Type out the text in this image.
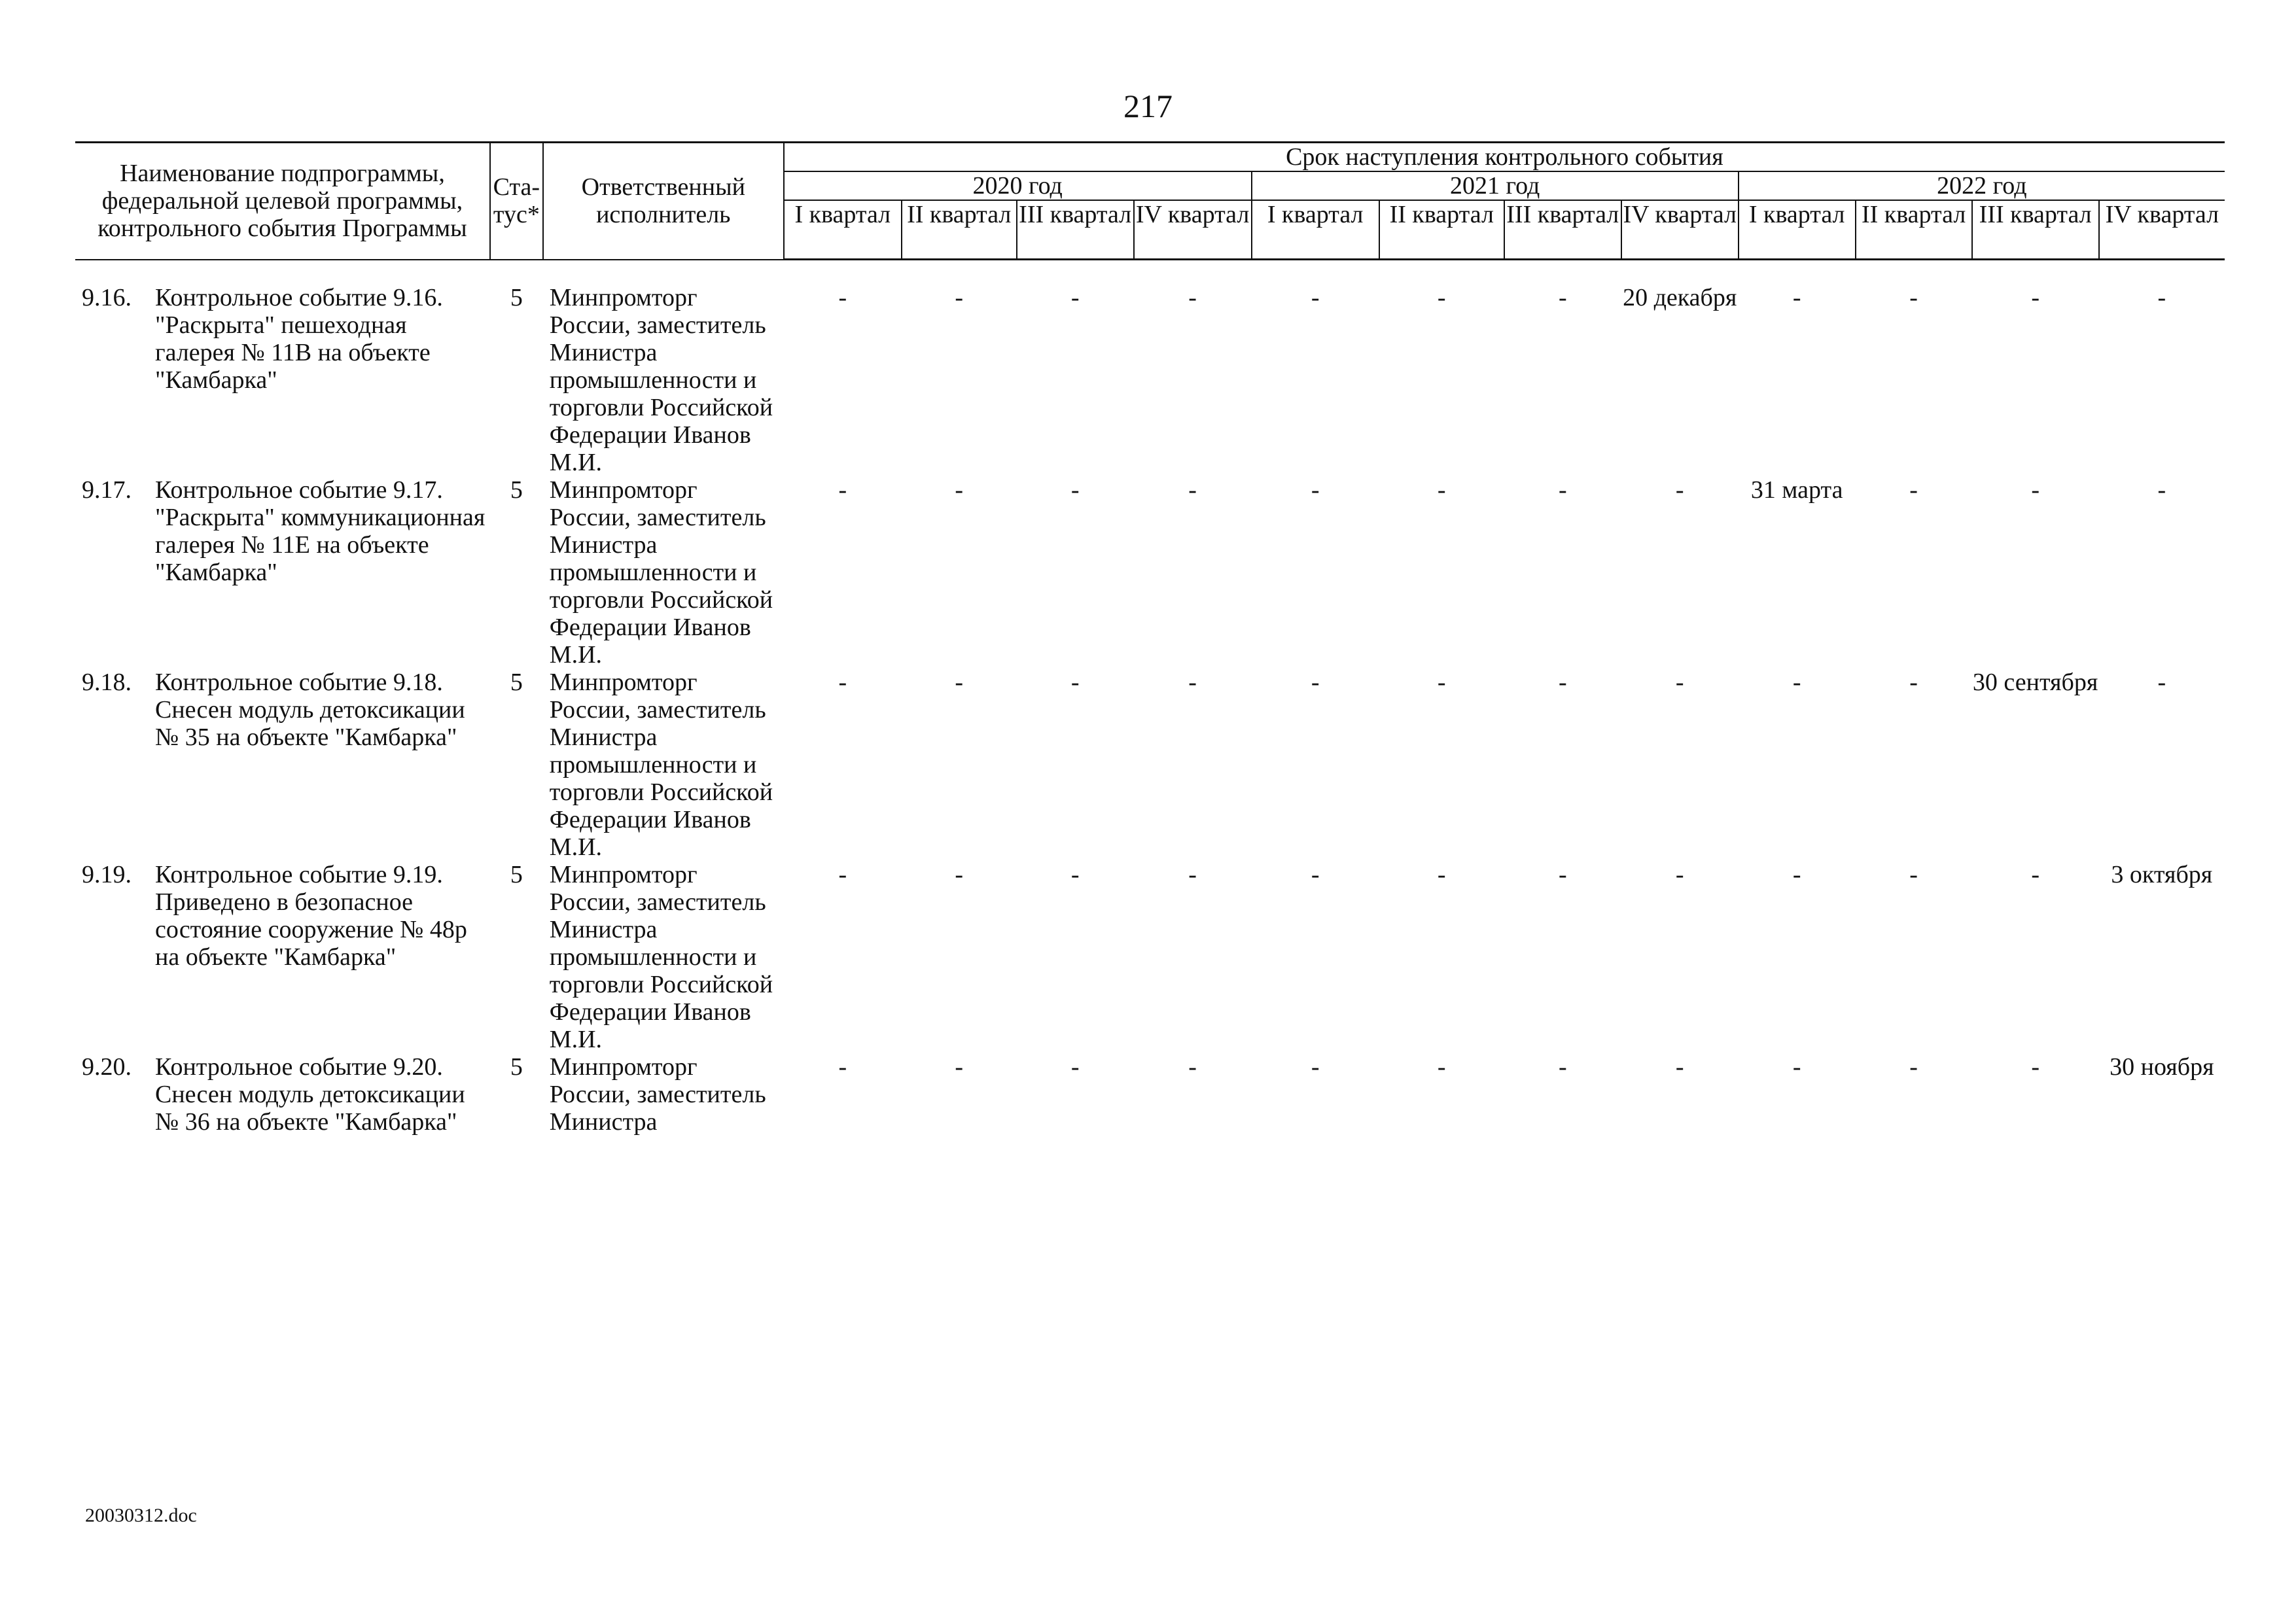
217
Наименование подпрограммы, федеральной целевой программы, контрольного события Программы	Ста-тус*	Ответственный исполнитель	Срок наступления контрольного события											
			2020 год				2021 год				2022 год			
			I квартал	II квартал	III квартал	IV квартал	I квартал	II квартал	III квартал	IV квартал	I квартал	II квартал	III квартал	IV квартал

9.16. Контрольное событие 9.16. "Раскрыта" пешеходная галерея № 11В на объекте "Камбарка"	5	Минпромторг России, заместитель Министра промышленности и торговли Российской Федерации Иванов М.И.	-	-	-	-	-	-	-	20 декабря	-	-	-	-

9.17. Контрольное событие 9.17. "Раскрыта" коммуникационная галерея № 11Е на объекте "Камбарка"	5	Минпромторг России, заместитель Министра промышленности и торговли Российской Федерации Иванов М.И.	-	-	-	-	-	-	-	-	31 марта	-	-	-

9.18. Контрольное событие 9.18. Снесен модуль детоксикации № 35 на объекте "Камбарка"	5	Минпромторг России, заместитель Министра промышленности и торговли Российской Федерации Иванов М.И.	-	-	-	-	-	-	-	-	-	-	30 сентября	-

9.19. Контрольное событие 9.19. Приведено в безопасное состояние сооружение № 48р на объекте "Камбарка"	5	Минпромторг России, заместитель Министра промышленности и торговли Российской Федерации Иванов М.И.	-	-	-	-	-	-	-	-	-	-	-	3 октября

9.20. Контрольное событие 9.20. Снесен модуль детоксикации № 36 на объекте "Камбарка"	5	Минпромторг России, заместитель Министра	-	-	-	-	-	-	-	-	-	-	-	30 ноября
20030312.doc
